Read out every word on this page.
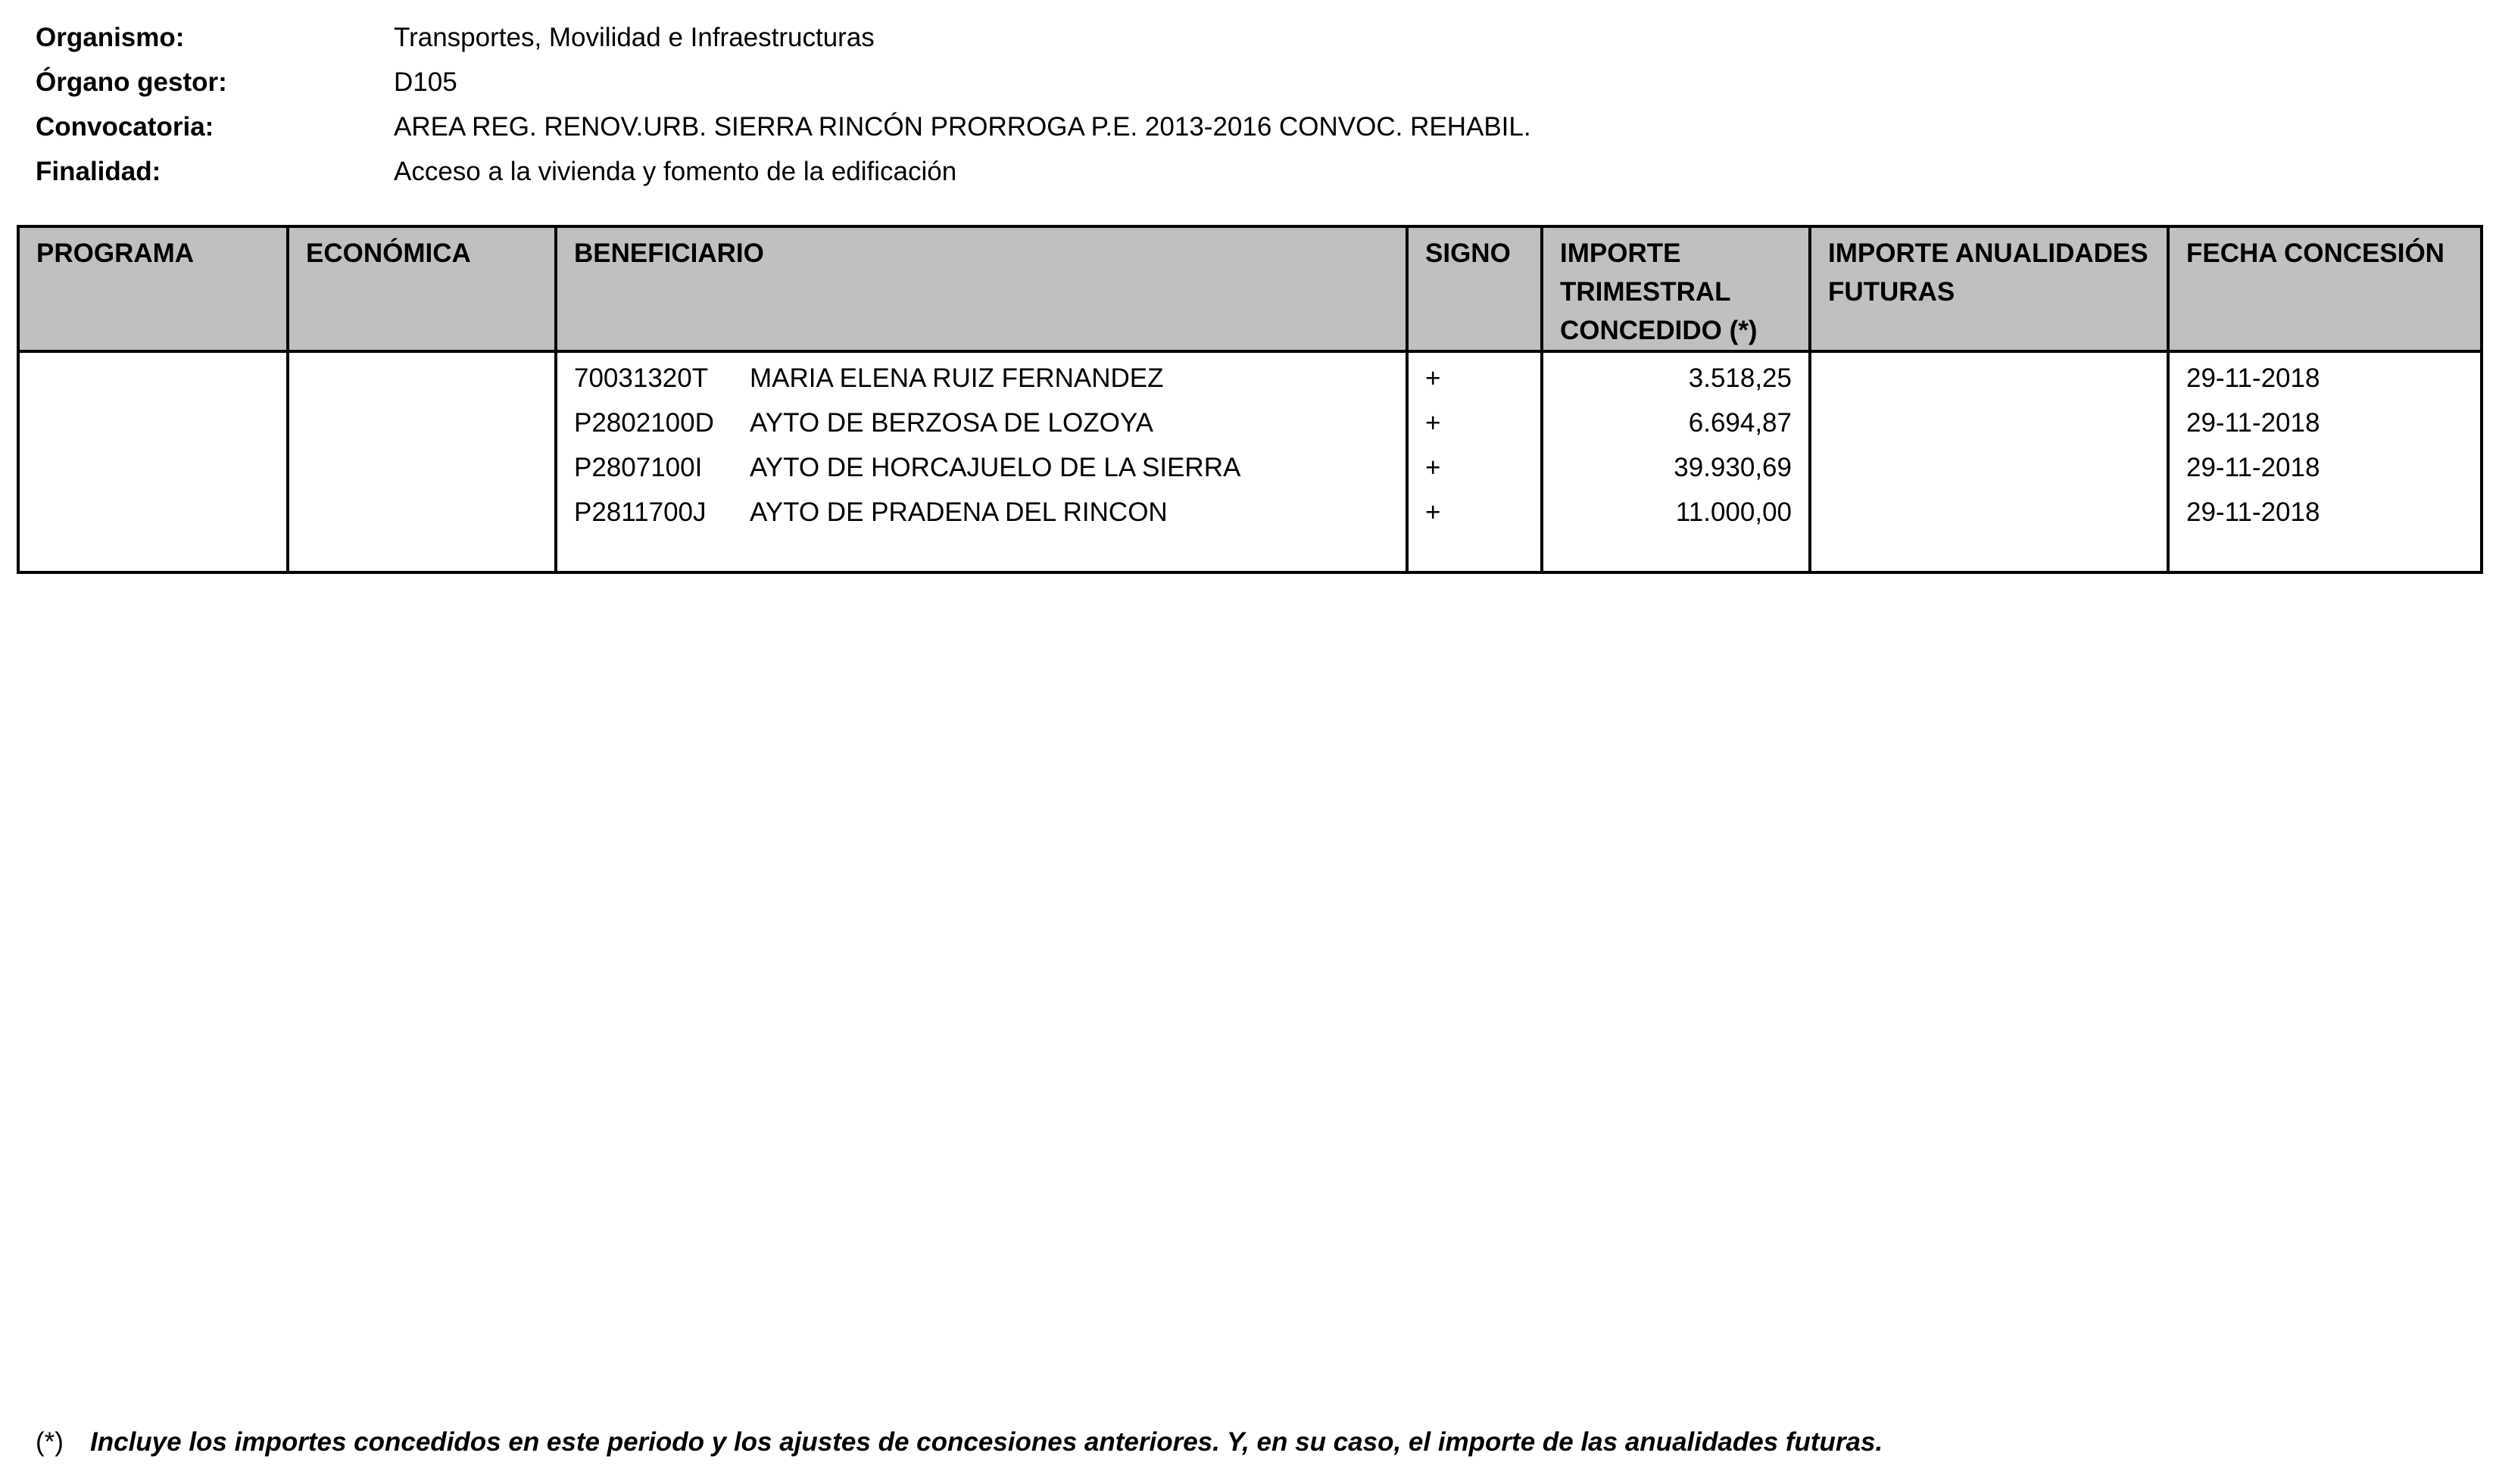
Organismo:	Transportes, Movilidad e Infraestructuras
Órgano gestor:	D105
Convocatoria:	AREA REG. RENOV.URB. SIERRA RINCÓN PRORROGA P.E. 2013-2016 CONVOC. REHABIL.
Finalidad:	Acceso a la vivienda y fomento de la edificación
PROGRAMA	ECONÓMICA	BENEFICIARIO	SIGNO	IMPORTE TRIMESTRAL CONCEDIDO (*)	IMPORTE ANUALIDADES FUTURAS	FECHA CONCESIÓN
		70031320T MARIA ELENA RUIZ FERNANDEZ	+	3.518,25		29-11-2018
		P2802100D AYTO DE BERZOSA DE LOZOYA	+	6.694,87		29-11-2018
		P2807100I AYTO DE HORCAJUELO DE LA SIERRA	+	39.930,69		29-11-2018
		P2811700J AYTO DE PRADENA DEL RINCON	+	11.000,00		29-11-2018

(*) Incluye los importes concedidos en este periodo y los ajustes de concesiones anteriores. Y, en su caso, el importe de las anualidades futuras.
